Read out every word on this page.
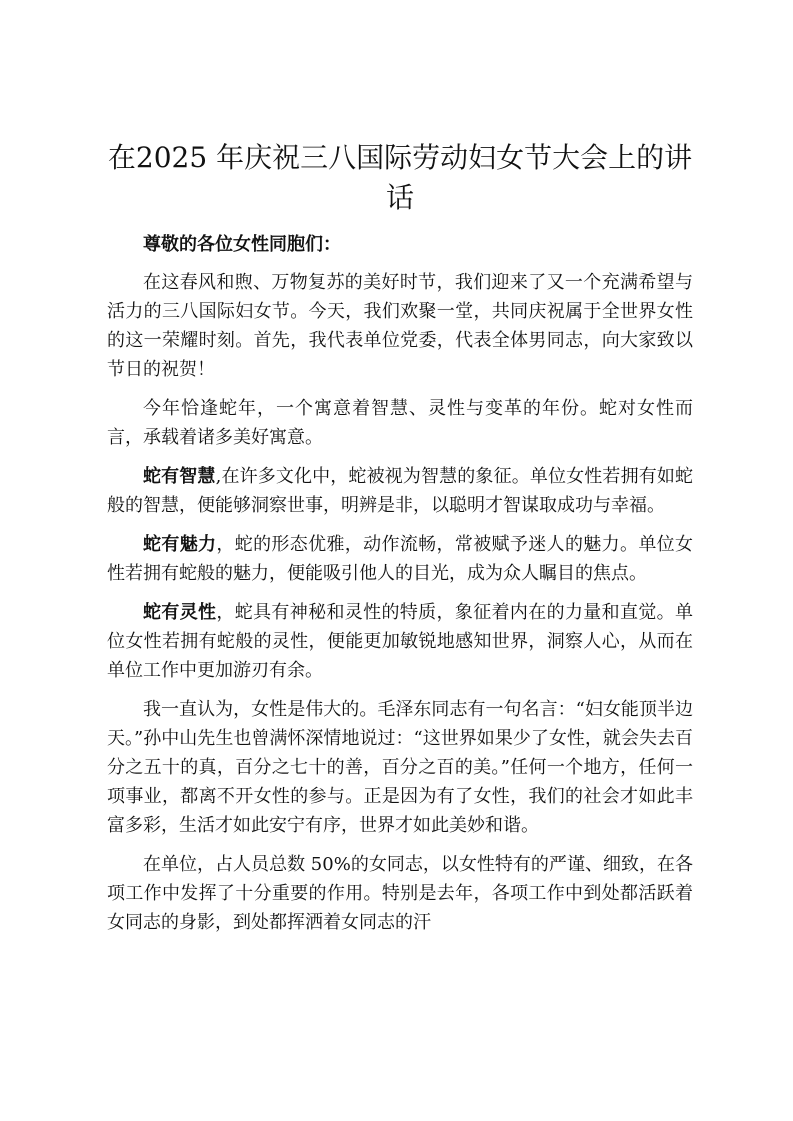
在2025 年庆祝三八国际劳动妇女节大会上的讲话

尊敬的各位女性同胞们：

在这春风和煦、万物复苏的美好时节，我们迎来了又一个充满希望与活力的三八国际妇女节。今天，我们欢聚一堂，共同庆祝属于全世界女性的这一荣耀时刻。首先，我代表单位党委，代表全体男同志，向大家致以节日的祝贺！

今年恰逢蛇年，一个寓意着智慧、灵性与变革的年份。蛇对女性而言，承载着诸多美好寓意。

蛇有智慧,在许多文化中，蛇被视为智慧的象征。单位女性若拥有如蛇般的智慧，便能够洞察世事，明辨是非，以聪明才智谋取成功与幸福。

蛇有魅力，蛇的形态优雅，动作流畅，常被赋予迷人的魅力。单位女性若拥有蛇般的魅力，便能吸引他人的目光，成为众人瞩目的焦点。

蛇有灵性，蛇具有神秘和灵性的特质，象征着内在的力量和直觉。单位女性若拥有蛇般的灵性，便能更加敏锐地感知世界，洞察人心，从而在单位工作中更加游刃有余。

我一直认为，女性是伟大的。毛泽东同志有一句名言：“妇女能顶半边天。”孙中山先生也曾满怀深情地说过：“这世界如果少了女性，就会失去百分之五十的真，百分之七十的善，百分之百的美。”任何一个地方，任何一项事业，都离不开女性的参与。正是因为有了女性，我们的社会才如此丰富多彩，生活才如此安宁有序，世界才如此美妙和谐。

在单位，占人员总数 50%的女同志，以女性特有的严谨、细致，在各项工作中发挥了十分重要的作用。特别是去年，各项工作中到处都活跃着女同志的身影，到处都挥洒着女同志的汗
